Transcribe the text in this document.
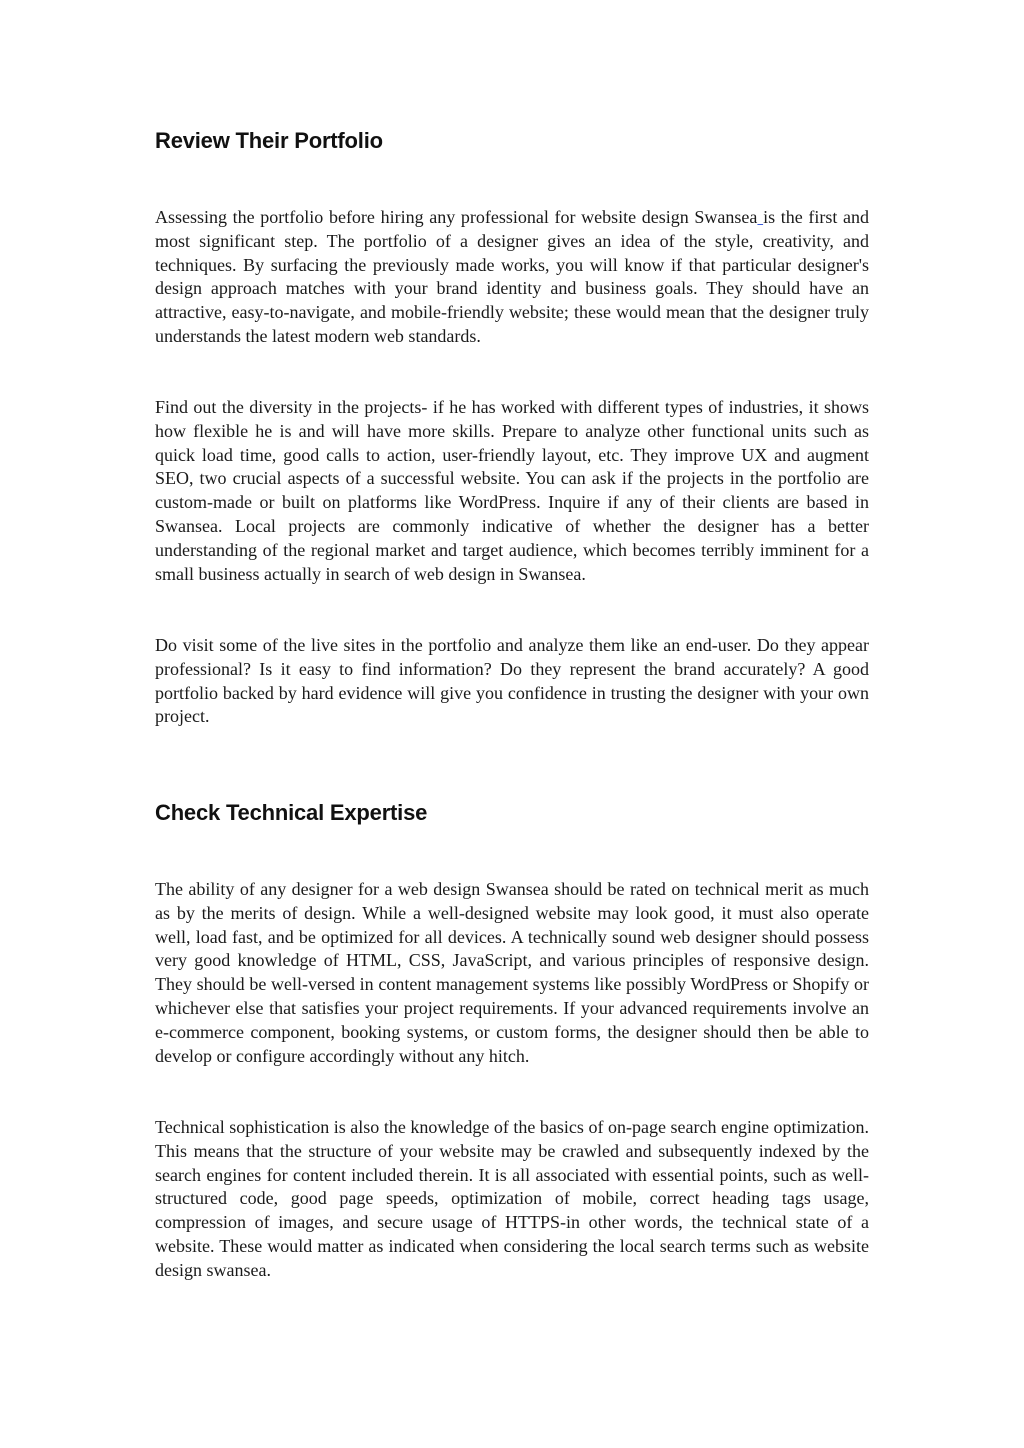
Review Their Portfolio

Assessing the portfolio before hiring any professional for website design Swansea is the first and most significant step. The portfolio of a designer gives an idea of the style, creativity, and techniques. By surfacing the previously made works, you will know if that particular designer's design approach matches with your brand identity and business goals. They should have an attractive, easy-to-navigate, and mobile-friendly website; these would mean that the designer truly understands the latest modern web standards.

Find out the diversity in the projects- if he has worked with different types of industries, it shows how flexible he is and will have more skills. Prepare to analyze other functional units such as quick load time, good calls to action, user-friendly layout, etc. They improve UX and augment SEO, two crucial aspects of a successful website. You can ask if the projects in the portfolio are custom-made or built on platforms like WordPress. Inquire if any of their clients are based in Swansea. Local projects are commonly indicative of whether the designer has a better understanding of the regional market and target audience, which becomes terribly imminent for a small business actually in search of web design in Swansea.

Do visit some of the live sites in the portfolio and analyze them like an end-user. Do they appear professional? Is it easy to find information? Do they represent the brand accurately? A good portfolio backed by hard evidence will give you confidence in trusting the designer with your own project.

Check Technical Expertise

The ability of any designer for a web design Swansea should be rated on technical merit as much as by the merits of design. While a well-designed website may look good, it must also operate well, load fast, and be optimized for all devices. A technically sound web designer should possess very good knowledge of HTML, CSS, JavaScript, and various principles of responsive design. They should be well-versed in content management systems like possibly WordPress or Shopify or whichever else that satisfies your project requirements. If your advanced requirements involve an e-commerce component, booking systems, or custom forms, the designer should then be able to develop or configure accordingly without any hitch.

Technical sophistication is also the knowledge of the basics of on-page search engine optimization. This means that the structure of your website may be crawled and subsequently indexed by the search engines for content included therein. It is all associated with essential points, such as well-structured code, good page speeds, optimization of mobile, correct heading tags usage, compression of images, and secure usage of HTTPS-in other words, the technical state of a website. These would matter as indicated when considering the local search terms such as website design swansea.
